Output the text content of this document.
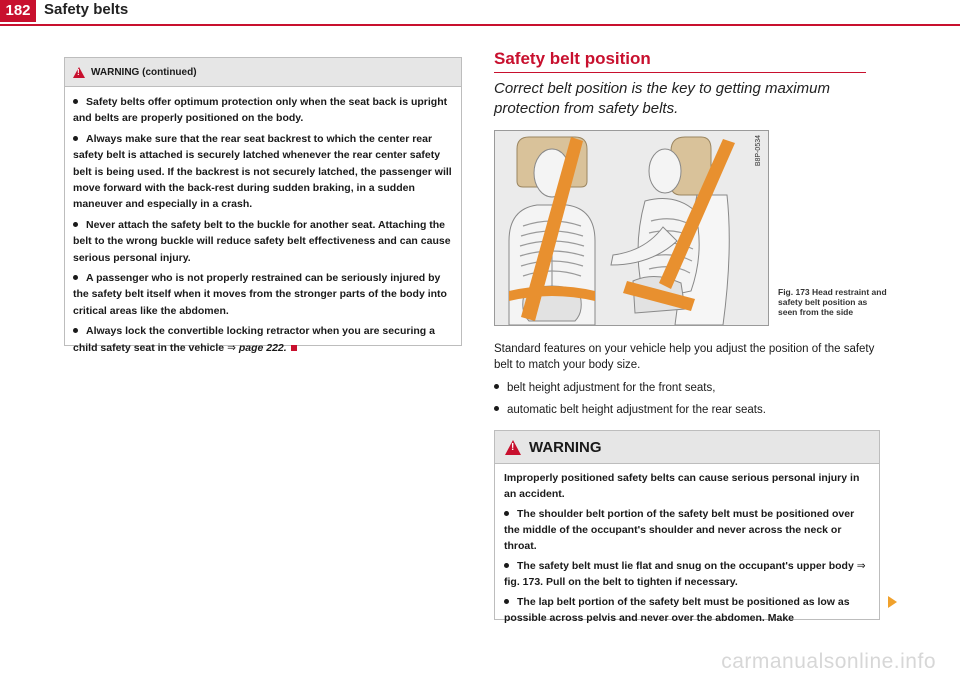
182 Safety belts
! WARNING (continued)

Safety belts offer optimum protection only when the seat back is upright and belts are properly positioned on the body.

Always make sure that the rear seat backrest to which the center rear safety belt is attached is securely latched whenever the rear center safety belt is being used. If the backrest is not securely latched, the passenger will move forward with the back-rest during sudden braking, in a sudden maneuver and especially in a crash.

Never attach the safety belt to the buckle for another seat. Attaching the belt to the wrong buckle will reduce safety belt effectiveness and can cause serious personal injury.

A passenger who is not properly restrained can be seriously injured by the safety belt itself when it moves from the stronger parts of the body into critical areas like the abdomen.

Always lock the convertible locking retractor when you are securing a child safety seat in the vehicle ⇒ page 222.

Safety belt position
Correct belt position is the key to getting maximum protection from safety belts.
B8P-0534
Fig. 173 Head restraint and safety belt position as seen from the side
Standard features on your vehicle help you adjust the position of the safety belt to match your body size.
belt height adjustment for the front seats,
automatic belt height adjustment for the rear seats.
! WARNING

Improperly positioned safety belts can cause serious personal injury in an accident.

The shoulder belt portion of the safety belt must be positioned over the middle of the occupant's shoulder and never across the neck or throat.

The safety belt must lie flat and snug on the occupant's upper body ⇒ fig. 173. Pull on the belt to tighten if necessary.

The lap belt portion of the safety belt must be positioned as low as possible across pelvis and never over the abdomen. Make

carmanualsonline.info
